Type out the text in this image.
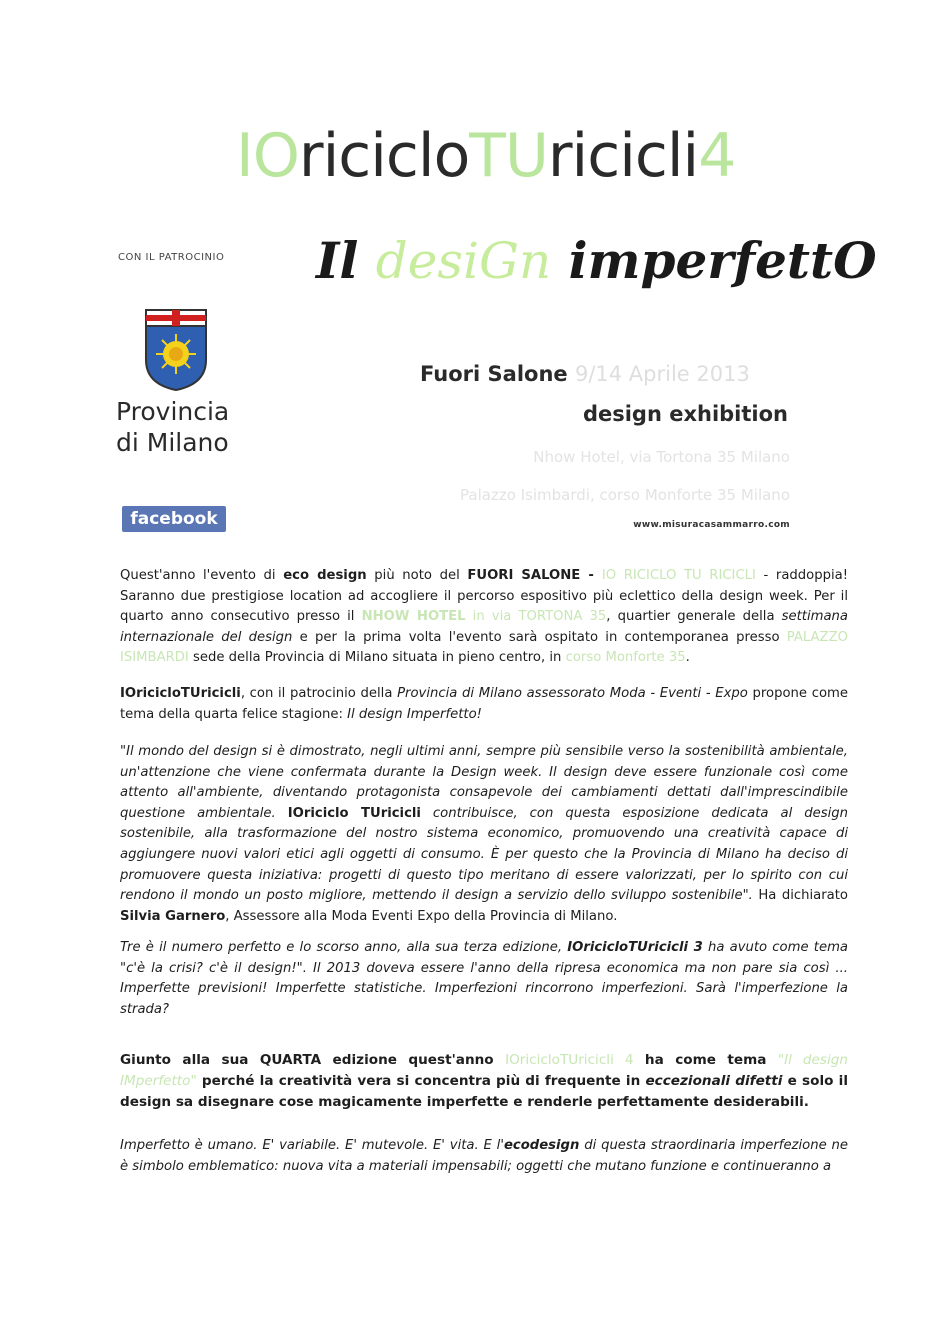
IOricicloTUricicli4
CON IL PATROCINIO
Provincia
di Milano
facebook
Il desiGn imperfettO
Fuori Salone 9/14 Aprile 2013
design exhibition
Nhow Hotel, via Tortona 35 Milano
Palazzo Isimbardi, corso Monforte 35 Milano
www.misuracasammarro.com
Quest'anno l'evento di eco design più noto del FUORI SALONE - IO RICICLO TU RICICLI - raddoppia! Saranno due prestigiose location ad accogliere il percorso espositivo più eclettico della design week. Per il quarto anno consecutivo presso il NHOW HOTEL in via TORTONA 35, quartier generale della settimana internazionale del design e per la prima volta l'evento sarà ospitato in contemporanea presso PALAZZO ISIMBARDI sede della Provincia di Milano situata in pieno centro, in corso Monforte 35.
IOricicloTUricicli, con il patrocinio della Provincia di Milano assessorato Moda - Eventi - Expo propone come tema della quarta felice stagione: Il design Imperfetto!
"Il mondo del design si è dimostrato, negli ultimi anni, sempre più sensibile verso la sostenibilità ambientale, un'attenzione che viene confermata durante la Design week. Il design deve essere funzionale così come attento all'ambiente, diventando protagonista consapevole dei cambiamenti dettati dall'imprescindibile questione ambientale. IOriciclo TUricicli contribuisce, con questa esposizione dedicata al design sostenibile, alla trasformazione del nostro sistema economico, promuovendo una creatività capace di aggiungere nuovi valori etici agli oggetti di consumo. È per questo che la Provincia di Milano ha deciso di promuovere questa iniziativa: progetti di questo tipo meritano di essere valorizzati, per lo spirito con cui rendono il mondo un posto migliore, mettendo il design a servizio dello sviluppo sostenibile". Ha dichiarato Silvia Garnero, Assessore alla Moda Eventi Expo della Provincia di Milano.
Tre è il numero perfetto e lo scorso anno, alla sua terza edizione, IOricicloTUricicli 3 ha avuto come tema "c'è la crisi? c'è il design!". Il 2013 doveva essere l'anno della ripresa economica ma non pare sia così ... Imperfette previsioni! Imperfette statistiche. Imperfezioni rincorrono imperfezioni. Sarà l'imperfezione la strada?
Giunto alla sua QUARTA edizione quest'anno IOricicloTUricicli 4 ha come tema "Il design IMperfetto" perché la creatività vera si concentra più di frequente in eccezionali difetti e solo il design sa disegnare cose magicamente imperfette e renderle perfettamente desiderabili.
Imperfetto è umano. E' variabile. E' mutevole. E' vita. E l'ecodesign di questa straordinaria imperfezione ne è simbolo emblematico: nuova vita a materiali impensabili; oggetti che mutano funzione e continueranno a
